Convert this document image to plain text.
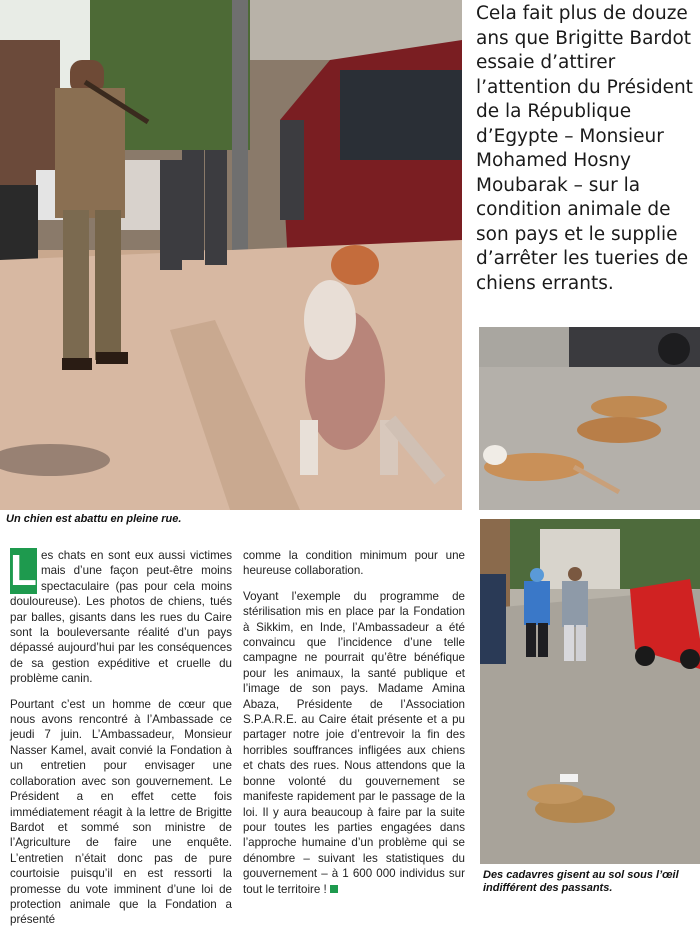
Un chien est abattu en pleine rue.
Cela fait plus de douze ans que Brigitte Bardot essaie d’attirer l’attention du Président de la République d’Egypte – Monsieur Mohamed Hosny Moubarak – sur la condition animale de son pays et le supplie d’arrêter les tueries de chiens errants.
Des cadavres gisent au sol sous l’œil indifférent des passants.

L es chats en sont eux aussi victimes mais d’une façon peut-être moins spectaculaire (pas pour cela moins douloureuse). Les photos de chiens, tués par balles, gisants dans les rues du Caire sont la bouleversante réalité d’un pays dépassé aujourd’hui par les conséquences de sa gestion expéditive et cruelle du problème canin.

Pourtant c’est un homme de cœur que nous avons rencontré à l’Ambassade ce jeudi 7 juin. L’Ambassadeur, Monsieur Nasser Kamel, avait convié la Fondation à un entretien pour envisager une collaboration avec son gouvernement. Le Président a en effet cette fois immédiatement réagit à la lettre de Brigitte Bardot et sommé son ministre de l’Agriculture de faire une enquête. L’entretien n’était donc pas de pure courtoisie puisqu’il en est ressorti la promesse du vote imminent d’une loi de protection animale que la Fondation a présenté

comme la condition minimum pour une heureuse collaboration.

Voyant l’exemple du programme de stérilisation mis en place par la Fondation à Sikkim, en Inde, l’Ambassadeur a été convaincu que l’incidence d’une telle campagne ne pourrait qu’être bénéfique pour les animaux, la santé publique et l’image de son pays. Madame Amina Abaza, Présidente de l’Association S.P.A.R.E. au Caire était présente et a pu partager notre joie d’entrevoir la fin des horribles souffrances infligées aux chiens et chats des rues. Nous attendons que la bonne volonté du gouvernement se manifeste rapidement par le passage de la loi. Il y aura beaucoup à faire par la suite pour toutes les parties engagées dans l’approche humaine d’un problème qui se dénombre – suivant les statistiques du gouvernement – à 1 600 000 individus sur tout le territoire !
